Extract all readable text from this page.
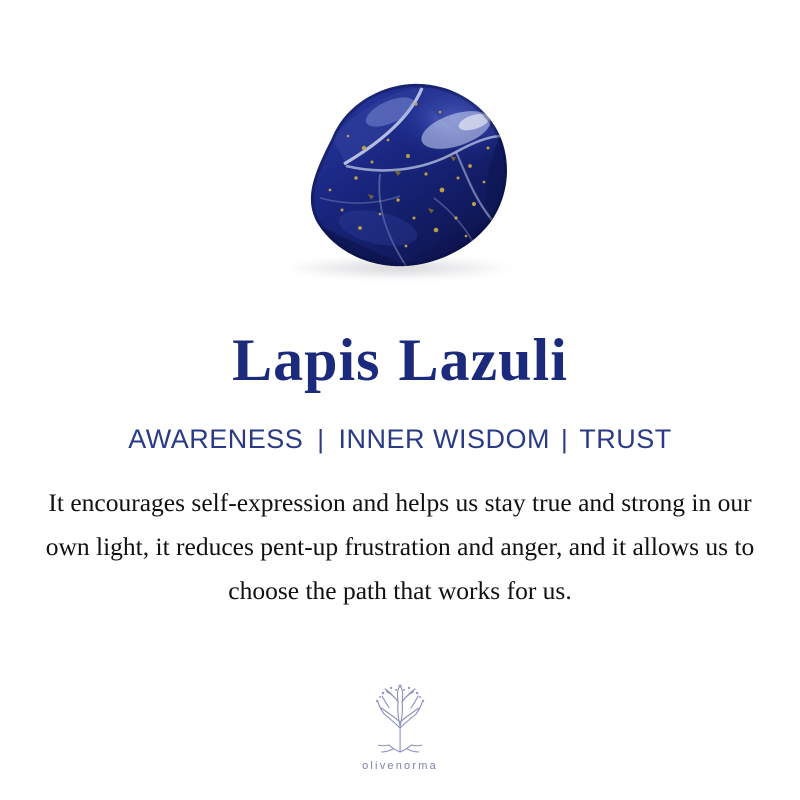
Lapis Lazuli
AWARENESS | INNER WISDOM | TRUST

It encourages self-expression and helps us stay true and strong in our own light, it reduces pent-up frustration and anger, and it allows us to choose the path that works for us.

olivenorma
